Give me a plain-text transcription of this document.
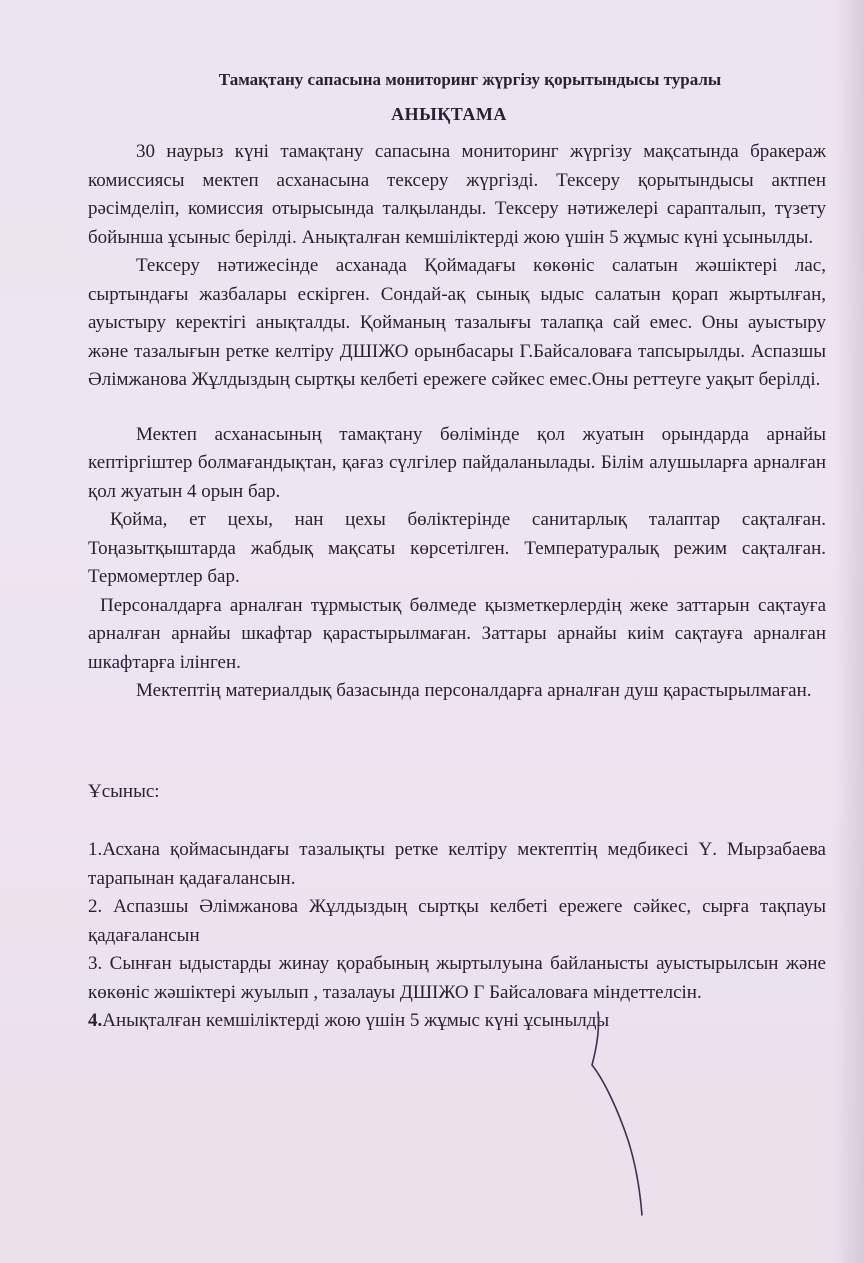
Тамақтану сапасына мониторинг жүргізу қорытындысы туралы
АНЫҚТАМА

30 наурыз күні тамақтану сапасына мониторинг жүргізу мақсатында бракераж комиссиясы мектеп асханасына тексеру жүргізді. Тексеру қорытындысы актпен рәсімделіп, комиссия отырысында талқыланды. Тексеру нәтижелері сарапталып, түзету бойынша ұсыныс берілді. Анықталған кемшіліктерді жою үшін 5 жұмыс күні ұсынылды.

Тексеру нәтижесінде асханада Қоймадағы көкөніс салатын жәшіктері лас, сыртындағы жазбалары ескірген. Сондай-ақ сынық ыдыс салатын қорап жыртылған, ауыстыру керектігі анықталды. Қойманың тазалығы талапқа сай емес. Оны ауыстыру және тазалығын ретке келтіру ДШІЖО орынбасары Г.Байсаловаға тапсырылды. Аспазшы Әлімжанова Жұлдыздың сыртқы келбеті ережеге сәйкес емес.Оны реттеуге уақыт берілді.

Мектеп асханасының тамақтану бөлімінде қол жуатын орындарда арнайы кептіргіштер болмағандықтан, қағаз сүлгілер пайдаланылады. Білім алушыларға арналған қол жуатын 4 орын бар.

Қойма, ет цехы, нан цехы бөліктерінде санитарлық талаптар сақталған. Тоңазытқыштарда жабдық мақсаты көрсетілген. Температуралық режим сақталған. Термомертлер бар.

Персоналдарға арналған тұрмыстық бөлмеде қызметкерлердің жеке заттарын сақтауға арналған арнайы шкафтар қарастырылмаған. Заттары арнайы киім сақтауға арналған шкафтарға ілінген.

Мектептің материалдық базасында персоналдарға арналған душ қарастырылмаған.

Ұсыныс:

1.Асхана қоймасындағы тазалықты ретке келтіру мектептің медбикесі Ү. Мырзабаева тарапынан қадағалансын.

2. Аспазшы Әлімжанова Жұлдыздың сыртқы келбеті ережеге сәйкес, сырға тақпауы қадағалансын

3. Сынған ыдыстарды жинау қорабының жыртылуына байланысты ауыстырылсын және көкөніс жәшіктері жуылып , тазалауы ДШІЖО Г Байсаловаға міндеттелсін.

4.Анықталған кемшіліктерді жою үшін 5 жұмыс күні ұсынылды
